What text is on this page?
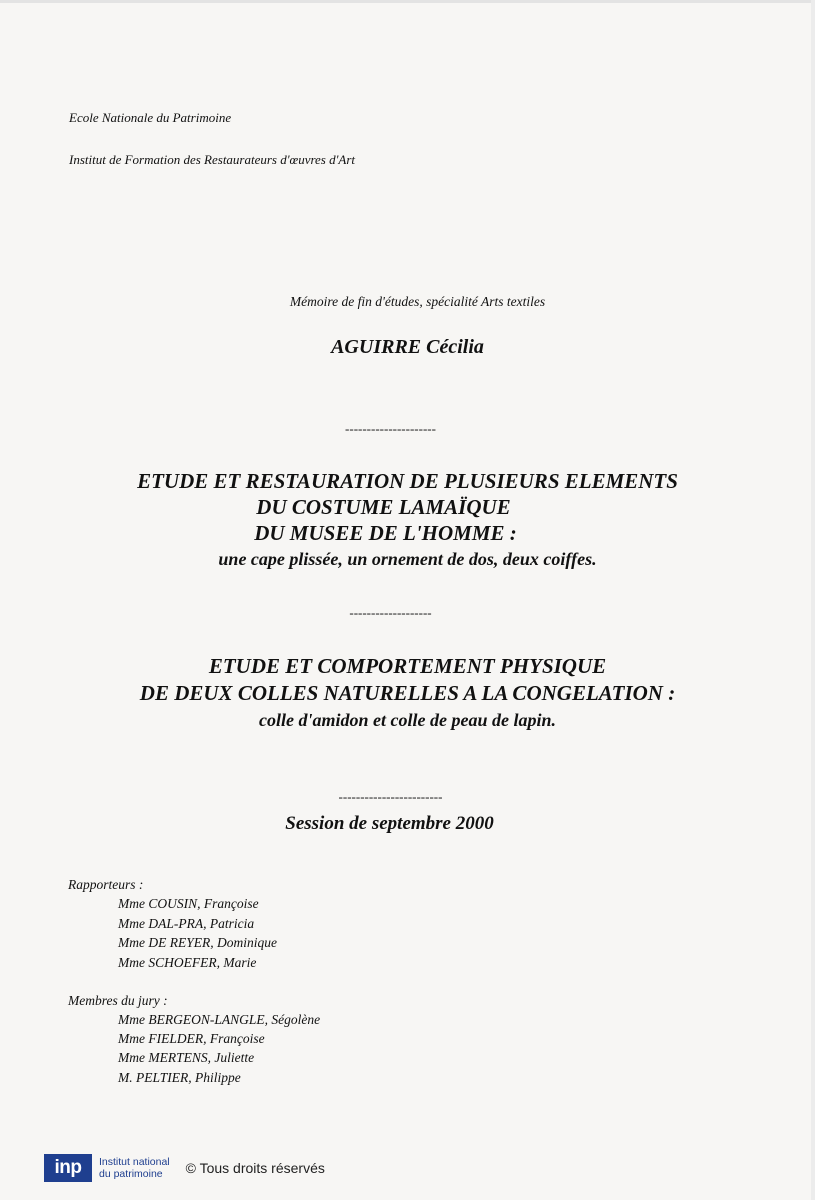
Ecole Nationale du Patrimoine
Institut de Formation des Restaurateurs d'œuvres d'Art
Mémoire de fin d'études, spécialité Arts textiles
AGUIRRE Cécilia
---------------------
ETUDE ET RESTAURATION DE PLUSIEURS ELEMENTS
DU COSTUME LAMAÏQUE
DU MUSEE DE L'HOMME :
une cape plissée, un ornement de dos, deux coiffes.
-------------------
ETUDE ET COMPORTEMENT PHYSIQUE
DE DEUX COLLES NATURELLES A LA CONGELATION :
colle d'amidon et colle de peau de lapin.
------------------------
Session de septembre 2000
Rapporteurs :
Mme COUSIN, Françoise
Mme DAL-PRA, Patricia
Mme DE REYER, Dominique
Mme SCHOEFER, Marie
Membres du jury :
Mme BERGEON-LANGLE, Ségolène
Mme FIELDER, Françoise
Mme MERTENS, Juliette
M. PELTIER, Philippe
inp	Institut national
du patrimoine	© Tous droits réservés
